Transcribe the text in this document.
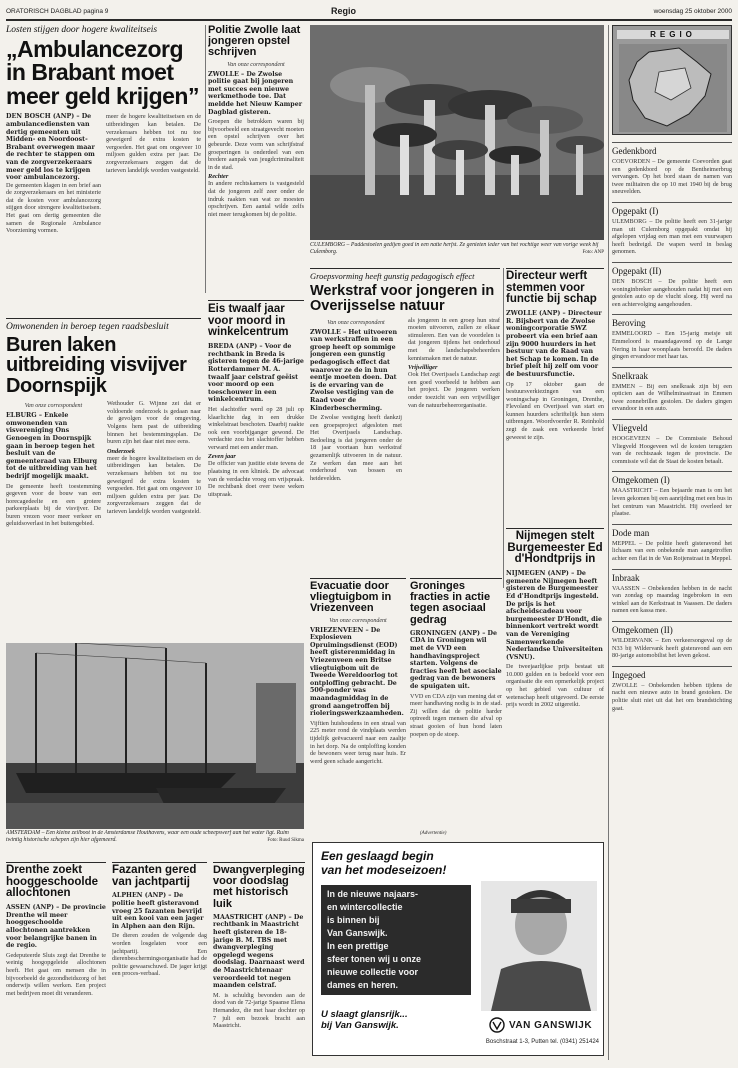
ORATORISCH DAGBLAD pagina 9	Regio	woensdag 25 oktober 2000
Losten stijgen door hogere kwaliteitseis
„Ambulancezorg in Brabant moet meer geld krijgen”
DEN BOSCH (ANP) – De ambulancediensten van dertig gemeenten uit Midden- en Noordoost-Brabant overwegen maar de rechter te stappen om van de zorgverzekeraars meer geld los te krijgen voor ambulancezorg.
meer de hogere kwaliteitseisen en de uitbreidingen kan betalen. De verzekeraars hebben tot nu toe geweigerd de extra kosten te vergoeden. Het gaat om ongeveer 10 miljoen gulden extra per jaar. De zorgverzekeraars zeggen dat de tarieven landelijk worden vastgesteld.
De gemeenten klagen in een brief aan de zorgverzekeraars en het ministerie dat de kosten voor ambulancezorg stijgen door strengere kwaliteitseisen. Het gaat om dertig gemeenten die samen de Regionale Ambulance Voorziening vormen.
Politie Zwolle laat jongeren opstel schrijven
Van onze correspondent
ZWOLLE – De Zwolse politie gaat bij jongeren met succes een nieuwe werkmethode toe. Dat meldde het Nieuw Kamper Dagblad gisteren.
Groepen die betrokken waren bij bijvoorbeeld een straatgevecht moeten een opstel schrijven over het gebeurde. Deze vorm van schrijfstraf groeperingen is onderdeel van een bredere aanpak van jeugdcriminaliteit in de stad.
Rechter
In andere rechtskamers is vastgesteld dat de jongeren zelf zeer onder de indruk raakten van wat ze moesten opschrijven. Een aantal wilde zelfs niet meer terugkomen bij de politie.
CULEMBORG – Paddestoelen gedijen goed in een natte herfst. Ze genieten ieder van het vochtige weer van vorige week bij Culemborg.	Foto: ANP
REGIO
Gedenkbord
COEVORDEN – De gemeente Coevorden gaat een gedenkbord op de Bentheimerbrug vervangen. Op het bord staan de namen van twee militairen die op 10 mei 1940 bij de brug sneuvelden.
Opgepakt (I)
ULEMBORG – De politie heeft een 31-jarige man uit Culemborg opgepakt omdat hij afgelopen vrijdag een man met een vuurwapen heeft bedreigd. De wapen werd in beslag genomen.
Opgepakt (II)
DEN BOSCH – De politie heeft een woninginbreker aangehouden nadat hij met een gestolen auto op de vlucht sloeg. Hij werd na een achtervolging aangehouden.
Beroving
EMMELOORD – Een 15-jarig meisje uit Emmeloord is maandagavond op de Lange Nering in haar woonplaats beroofd. De daders gingen ervandoor met haar tas.
Snelkraak
EMMEN – Bij een snelkraak zijn bij een opticien aan de Wilhelminastraat in Emmen twee zonnebrillen gestolen. De daders gingen ervandoor in een auto.
Vliegveld
HOOGEVEEN – De Commissie Behoud Vliegveld Hoogeveen wil de kosten terugzien van de rechtszaak tegen de provincie. De commissie wil dat de Staat de kosten betaalt.
Omgekomen (I)
MAASTRICHT – Een bejaarde man is om het leven gekomen bij een aanrijding met een bus in het centrum van Maastricht. Hij overleed ter plaatse.
Dode man
MEPPEL – De politie heeft gisteravond het lichaam van een onbekende man aangetroffen achter een flat in de Van Roijenstraat in Meppel.
Inbraak
VAASSEN – Onbekenden hebben in de nacht van zondag op maandag ingebroken in een winkel aan de Kerkstraat in Vaassen. De daders namen een kassa mee.
Omgekomen (II)
WILDERVANK – Een verkeersongeval op de N33 bij Wildervank heeft gisteravond aan een 80-jarige automobilist het leven gekost.
Ingegoed
ZWOLLE – Onbekenden hebben tijdens de nacht een nieuwe auto in brand gestoken. De politie sluit niet uit dat het om brandstichting gaat.
Omwonenden in beroep tegen raadsbesluit
Buren laken uitbreiding visvijver Doornspijk
Van onze correspondent
ELBURG – Enkele omwonenden van visvereniging Ons Genoegen in Doornspijk gaan in beroep tegen het besluit van de gemeenteraad van Elburg tot de uitbreiding van het bedrijf mogelijk maakt.
De gemeente heeft toestemming gegeven voor de bouw van een horecagedeelte en een grotere parkeerplaats bij de visvijver. De buren vrezen voor meer verkeer en geluidsoverlast in het buitengebied.
Wethouder G. Wijnne zei dat er voldoende onderzoek is gedaan naar de gevolgen voor de omgeving. Volgens hem past de uitbreiding binnen het bestemmingsplan. De buren zijn het daar niet mee eens.
Onderzoek
meer de hogere kwaliteitseisen en de uitbreidingen kan betalen. De verzekeraars hebben tot nu toe geweigerd de extra kosten te vergoeden. Het gaat om ongeveer 10 miljoen gulden extra per jaar. De zorgverzekeraars zeggen dat de tarieven landelijk worden vastgesteld.
Eis twaalf jaar voor moord in winkelcentrum
BREDA (ANP) – Voor de rechtbank in Breda is gisteren tegen de 46-jarige Rotterdammer M. A. twaalf jaar celstraf geëist voor moord op een toeschouwer in een winkelcentrum.
Het slachtoffer werd op 28 juli op klaarlichte dag in een drukke winkelstraat beschoten. Daarbij raakte ook een voorbijganger gewond. De verdachte zou het slachtoffer hebben verward met een ander man.
Zeven jaar
De officier van justitie eiste tevens de plaatsing in een kliniek. De advocaat van de verdachte vroeg om vrijspraak. De rechtbank doet over twee weken uitspraak.
Groepsvorming heeft gunstig pedagogisch effect
Werkstraf voor jongeren in Overijsselse natuur
Van onze correspondent
ZWOLLE – Het uitvoeren van werkstraffen in een groep heeft op sommige jongeren een gunstig pedagogisch effect dat waarover ze de in hun eentje moeten doen. Dat is de ervaring van de Zwolse vestiging van de Raad voor de Kinderbescherming.
De Zwolse vestiging heeft dankzij een groepsproject afgesloten met Het Overijssels Landschap. Bedoeling is dat jongeren onder de 18 jaar voortaan hun werkstraf gezamenlijk uitvoeren in de natuur. Ze werken dan mee aan het onderhoud van bossen en heidevelden.
als jongeren in een groep hun straf moeten uitvoeren, zullen ze elkaar stimuleren. Een van de voordelen is dat jongeren tijdens het onderhoud met de landschapsbeheerders kennismaken met de natuur.
Vrijwilliger
Ook Het Overijssels Landschap zegt een goed voorbeeld te hebben aan het project. De jongeren werken onder toezicht van een vrijwilliger van de natuurbeheerorganisatie.
Directeur werft stemmen voor functie bij schap
ZWOLLE (ANP) – Directeur R. Bijsbert van de Zwolse woningcorporatie SWZ probeert via een brief aan zijn 9000 huurders in het bestuur van de Raad van het Schap te komen. In de brief pleit hij zelf om voor de bestuursfunctie.
Op 17 oktober gaan de bestuursverkiezingen van een woningschap in Groningen, Drenthe, Flevoland en Overijssel van start en kunnen huurders schriftelijk hun stem uitbrengen. Woordvoerder R. Reinhold zegt de zaak een verkeerde brief geweest te zijn.
Nijmegen stelt Burgemeester Ed d'Hondtprijs in
NIJMEGEN (ANP) – De gemeente Nijmegen heeft gisteren de Burgemeester Ed d'Hondtprijs ingesteld. De prijs is het afscheidscadeau voor burgemeester D'Hondt, die binnenkort vertrekt wordt van de Vereniging Samenwerkende Nederlandse Universiteiten (VSNU).
De tweejaarlijkse prijs bestaat uit 10.000 gulden en is bedoeld voor een organisatie die een opmerkelijk project op het gebied van cultuur of wetenschap heeft uitgevoerd. De eerste prijs wordt in 2002 uitgereikt.
Evacuatie door vliegtuigbom in Vriezenveen
Van onze correspondent
VRIEZENVEEN – De Explosieven Opruimingsdienst (EOD) heeft gisterenmiddag in Vriezenveen een Britse vliegtuigbom uit de Tweede Wereldoorlog tot ontploffing gebracht. De 500-ponder was maandagmiddag in de grond aangetroffen bij rioleringswerkzaamheden.
Vijftien huishoudens in een straal van 225 meter rond de vindplaats werden tijdelijk geëvacueerd naar een zaaltje in het dorp. Na de ontploffing konden de bewoners weer terug naar huis. Er werd geen schade aangericht.
Groninges fracties in actie tegen asociaal gedrag
GRONINGEN (ANP) – De CDA in Groningen wil met de VVD een handhavingsproject starten. Volgens de fracties heeft het asociale gedrag van de bewoners de spuigaten uit.
VVD en CDA zijn van mening dat er meer handhaving nodig is in de stad. Zij willen dat de politie harder optreedt tegen mensen die afval op straat gooien of hun hond laten poepen op de stoep.
(Advertentie)
AMSTERDAM – Een kleine zeilboot in de Amsterdamse Houthavens, waar een oude scheepswerf aan het water ligt. Ruim twintig historische schepen zijn hier afgemeerd.	Foto: Ruud Sikma
Drenthe zoekt hooggeschoolde allochtonen
ASSEN (ANP) – De provincie Drenthe wil meer hooggeschoolde allochtonen aantrekken voor belangrijke banen in de regio.
Gedeputeerde Sluis zegt dat Drenthe te weinig hoogopgeleide allochtonen heeft. Het gaat om mensen die in bijvoorbeeld de gezondheidszorg of het onderwijs willen werken. Een project met bedrijven moet dit veranderen.
Fazanten gered van jachtpartij
ALPHEN (ANP) – De politie heeft gisteravond vroeg 25 fazanten bevrijd uit een kooi van een jager in Alphen aan den Rijn.
De dieren zouden de volgende dag worden losgelaten voor een jachtpartij. Een dierenbeschermingsorganisatie had de politie gewaarschuwd. De jager krijgt een proces-verbaal.
Dwangverpleging voor doodslag met historisch luik
MAASTRICHT (ANP) – De rechtbank in Maastricht heeft gisteren de 18-jarige B. M. TBS met dwangverpleging opgelegd wegens doodslag. Daarnaast werd de Maastrichtenaar veroordeeld tot negen maanden celstraf.
M. is schuldig bevonden aan de dood van de 72-jarige Spaanse Elena Hernandez, die met haar dochter op 7 juli een bezoek bracht aan Maastricht.
Een geslaagd begin
van het modeseizoen!
In de nieuwe najaars-
en wintercollectie
is binnen bij
Van Ganswijk.
In een prettige
sfeer tonen wij u onze
nieuwe collectie voor
dames en heren.
U slaagt glansrijk...
bij Van Ganswijk.	VAN GANSWIJK
Boschstraat 1-3, Putten tel. (0341) 251424
